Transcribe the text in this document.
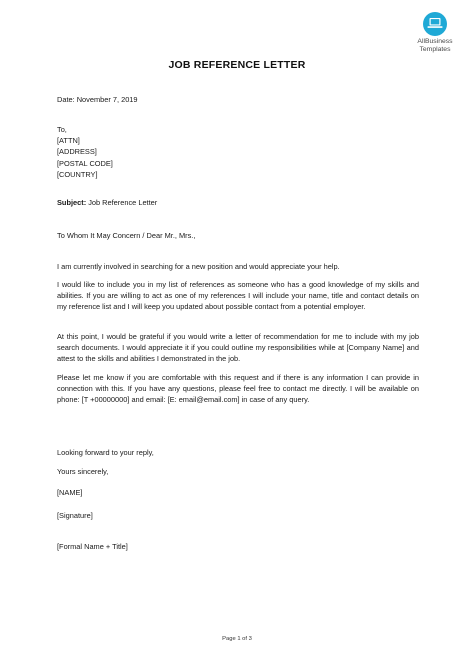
AllBusiness
Templates
JOB REFERENCE LETTER
Date: November 7, 2019
To,
[ATTN]
[ADDRESS]
[POSTAL CODE]
[COUNTRY]
Subject: Job Reference Letter
To Whom It May Concern / Dear Mr., Mrs.,
I am currently involved in searching for a new position and would appreciate your help.
I would like to include you in my list of references as someone who has a good knowledge of my skills and abilities. If you are willing to act as one of my references I will include your name, title and contact details on my reference list and I will keep you updated about possible contact from a potential employer.
At this point, I would be grateful if you would write a letter of recommendation for me to include with my job search documents. I would appreciate it if you could outline my responsibilities while at [Company Name] and attest to the skills and abilities I demonstrated in the job.
Please let me know if you are comfortable with this request and if there is any information I can provide in connection with this. If you have any questions, please feel free to contact me directly. I will be available on phone: [T +00000000] and email: [E: email@email.com] in case of any query.
Looking forward to your reply,
Yours sincerely,
[NAME]
[Signature]
[Formal Name + Title]
Page 1 of 3
